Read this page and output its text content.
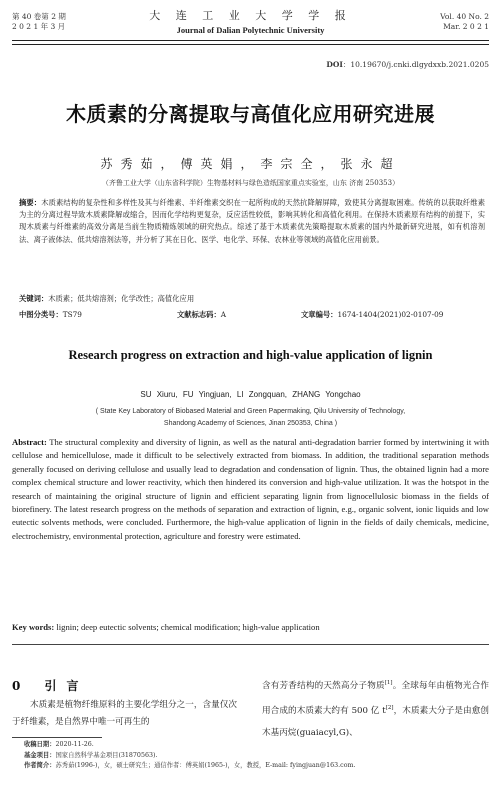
第 40 卷第 2 期
2 0 2 1 年 3 月
大 连 工 业 大 学 学 报
Journal of Dalian Polytechnic University
Vol. 40 No. 2
Mar. 2 0 2 1
DOI：10.19670/j.cnki.dlgydxxb.2021.0205
木质素的分离提取与高值化应用研究进展
苏秀茹，傅英娟，李宗全，张永超
（齐鲁工业大学（山东省科学院）生物基材料与绿色造纸国家重点实验室，山东 济南 250353）
摘要：木质素结构的复杂性和多样性及其与纤维素、半纤维素交织在一起所构成的天然抗降解屏障，致使其分离提取困难。传统的以获取纤维素为主的分离过程导致木质素降解或缩合，因而化学结构更复杂，反应活性较低，影响其转化和高值化利用。在保持木质素原有结构的前提下，实现木质素与纤维素的高效分离是当前生物质精炼领域的研究热点。综述了基于木质素优先策略提取木质素的国内外最新研究进展，如有机溶剂法、离子液体法、低共熔溶剂法等，并分析了其在日化、医学、电化学、环保、农林业等领域的高值化应用前景。
关键词：木质素；低共熔溶剂；化学改性；高值化应用
中图分类号：TS79	文献标志码：A	文章编号：1674-1404(2021)02-0107-09
Research progress on extraction and high-value application of lignin
SU Xiuru, FU Yingjuan, LI Zongquan, ZHANG Yongchao
( State Key Laboratory of Biobased Material and Green Papermaking, Qilu University of Technology,
Shandong Academy of Sciences, Jinan 250353, China )
Abstract: The structural complexity and diversity of lignin, as well as the natural anti-degradation barrier formed by intertwining it with cellulose and hemicellulose, made it difficult to be selectively extracted from biomass. In addition, the traditional separation methods generally focused on deriving cellulose and usually lead to degradation and condensation of lignin. Thus, the obtained lignin had a more complex chemical structure and lower reactivity, which then hindered its conversion and high-value utilization. It was the hotspot in the research of maintaining the original structure of lignin and efficient separating lignin from lignocellulosic biomass in the fields of biorefinery. The latest research progress on the methods of separation and extraction of lignin, e.g., organic solvent, ionic liquids and low eutectic solvents methods, were concluded. Furthermore, the high-value application of lignin in the fields of daily chemicals, medicine, electrochemistry, environmental protection, agriculture and forestry were estimated.
Key words: lignin; deep eutectic solvents; chemical modification; high-value application
0 引言
木质素是植物纤维原料的主要化学组分之一，含量仅次于纤维素，是自然界中唯一可再生的
含有芳香结构的天然高分子物质[1]。全球每年由植物光合作用合成的木质素大约有 500 亿 t[2]，木质素大分子是由愈创木基丙烷(guaiacyl,G)、
收稿日期：2020-11-26.
基金项目：国家自然科学基金项目(31870563).
作者简介：苏秀茹(1996-)，女，硕士研究生；通信作者：傅英娟(1965-)，女，教授，E-mail: fyingjuan@163.com.
